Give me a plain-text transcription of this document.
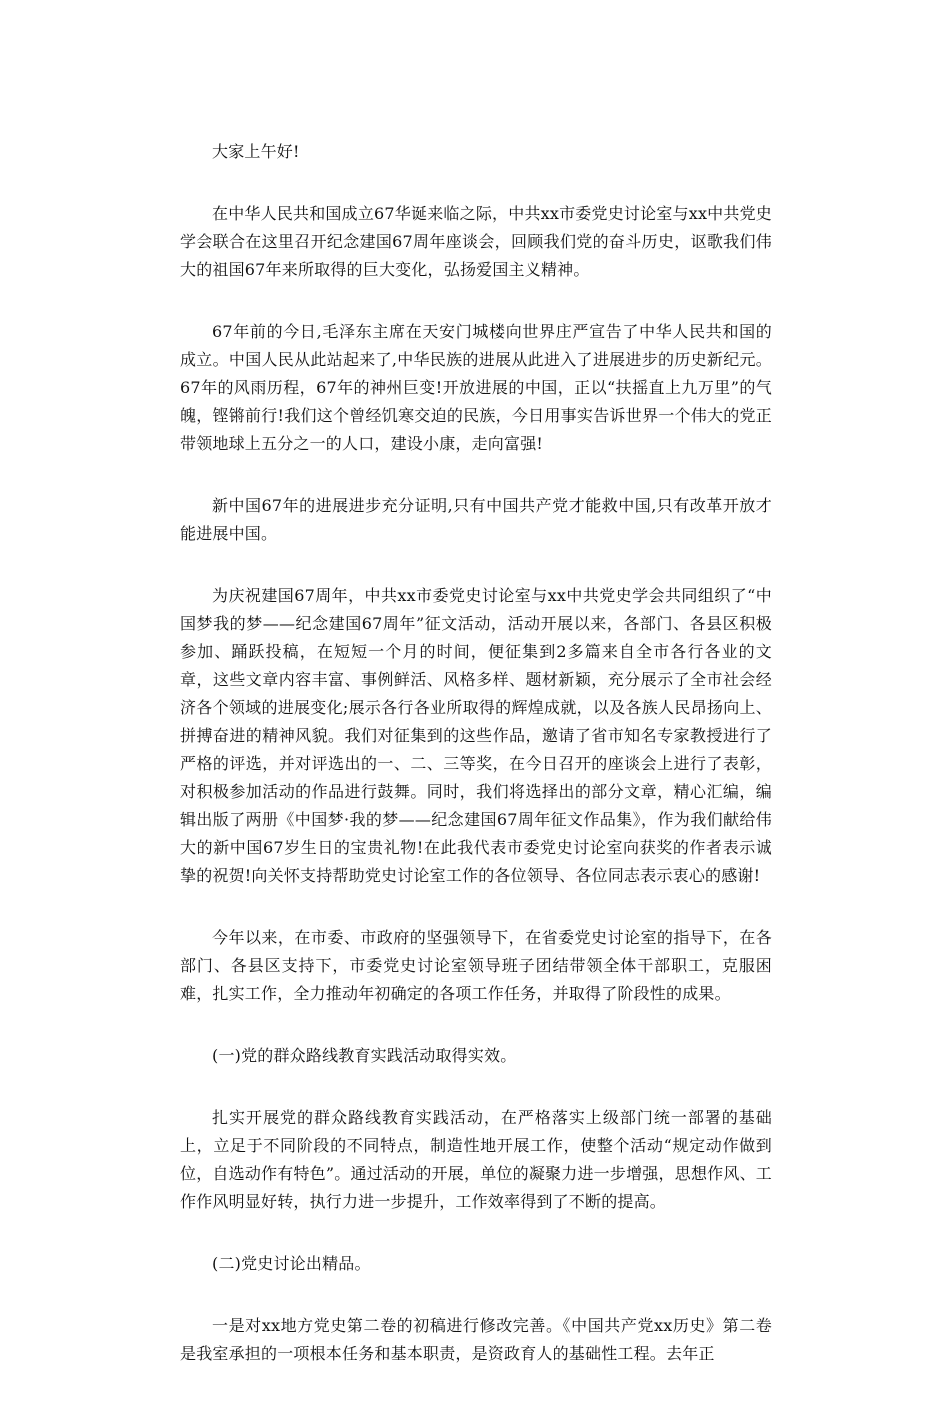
大家上午好!

在中华人民共和国成立67华诞来临之际，中共xx市委党史讨论室与xx中共党史学会联合在这里召开纪念建国67周年座谈会，回顾我们党的奋斗历史，讴歌我们伟大的祖国67年来所取得的巨大变化，弘扬爱国主义精神。

67年前的今日,毛泽东主席在天安门城楼向世界庄严宣告了中华人民共和国的成立。中国人民从此站起来了,中华民族的进展从此进入了进展进步的历史新纪元。67年的风雨历程，67年的神州巨变!开放进展的中国，正以“扶摇直上九万里”的气魄，铿锵前行!我们这个曾经饥寒交迫的民族，今日用事实告诉世界一个伟大的党正带领地球上五分之一的人口，建设小康，走向富强!

新中国67年的进展进步充分证明,只有中国共产党才能救中国,只有改革开放才能进展中国。

为庆祝建国67周年，中共xx市委党史讨论室与xx中共党史学会共同组织了“中国梦我的梦——纪念建国67周年”征文活动，活动开展以来，各部门、各县区积极参加、踊跃投稿，在短短一个月的时间，便征集到2多篇来自全市各行各业的文章，这些文章内容丰富、事例鲜活、风格多样、题材新颖，充分展示了全市社会经济各个领域的进展变化;展示各行各业所取得的辉煌成就，以及各族人民昂扬向上、拼搏奋进的精神风貌。我们对征集到的这些作品，邀请了省市知名专家教授进行了严格的评选，并对评选出的一、二、三等奖，在今日召开的座谈会上进行了表彰，对积极参加活动的作品进行鼓舞。同时，我们将选择出的部分文章，精心汇编，编辑出版了两册《中国梦·我的梦——纪念建国67周年征文作品集》，作为我们献给伟大的新中国67岁生日的宝贵礼物!在此我代表市委党史讨论室向获奖的作者表示诚挚的祝贺!向关怀支持帮助党史讨论室工作的各位领导、各位同志表示衷心的感谢!

今年以来，在市委、市政府的坚强领导下，在省委党史讨论室的指导下，在各部门、各县区支持下，市委党史讨论室领导班子团结带领全体干部职工，克服困难，扎实工作，全力推动年初确定的各项工作任务，并取得了阶段性的成果。

(一)党的群众路线教育实践活动取得实效。

扎实开展党的群众路线教育实践活动，在严格落实上级部门统一部署的基础上，立足于不同阶段的不同特点，制造性地开展工作，使整个活动“规定动作做到位，自选动作有特色”。通过活动的开展，单位的凝聚力进一步增强，思想作风、工作作风明显好转，执行力进一步提升，工作效率得到了不断的提高。

(二)党史讨论出精品。

一是对xx地方党史第二卷的初稿进行修改完善。《中国共产党xx历史》第二卷是我室承担的一项根本任务和基本职责，是资政育人的基础性工程。去年正
